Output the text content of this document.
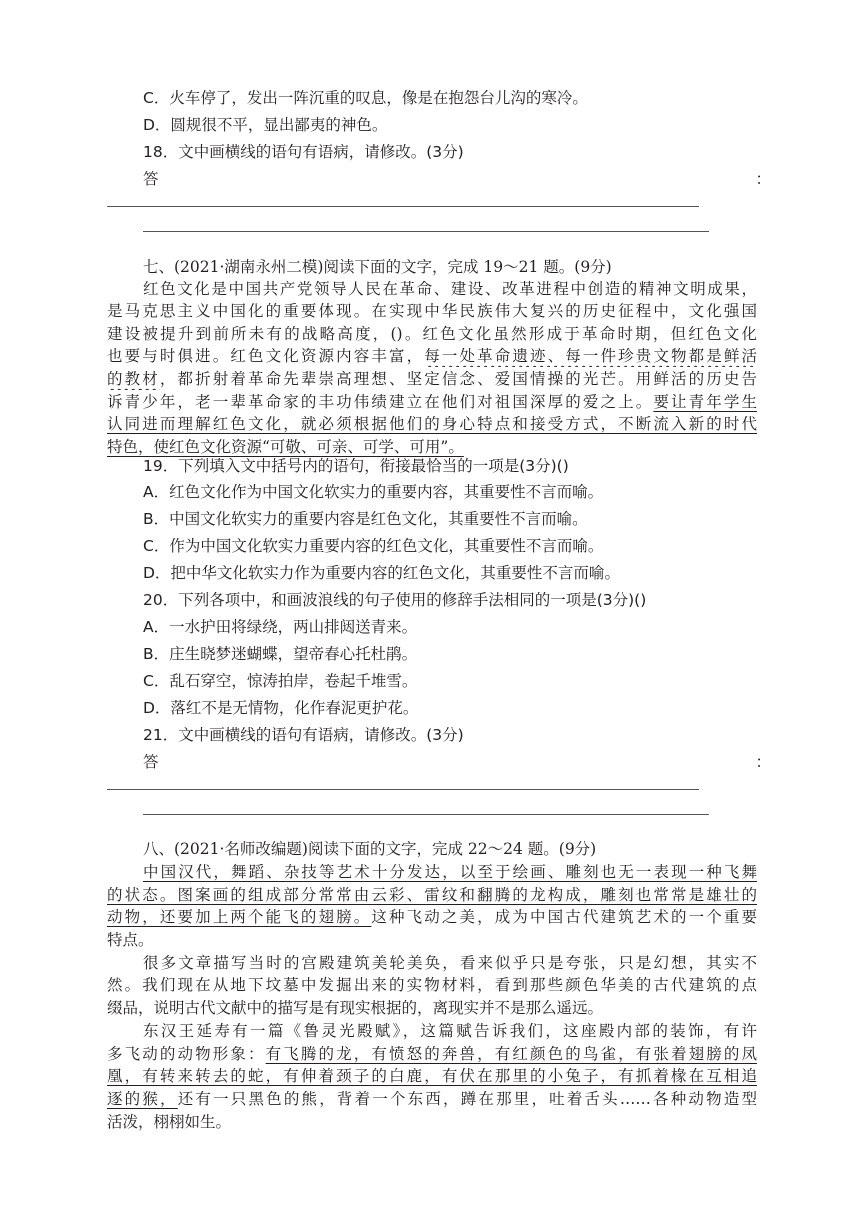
C．火车停了，发出一阵沉重的叹息，像是在抱怨台儿沟的寒冷。
D．圆规很不平，显出鄙夷的神色。
18．文中画横线的语句有语病，请修改。(3分)
答	：
七、(2021·湖南永州二模)阅读下面的文字，完成 19～21 题。(9分)
红色文化是中国共产党领导人民在革命、建设、改革进程中创造的精神文明成果，
是马克思主义中国化的重要体现。在实现中华民族伟大复兴的历史征程中，文化强国
建设被提升到前所未有的战略高度，()。红色文化虽然形成于革命时期，但红色文化
也要与时俱进。红色文化资源内容丰富，每一处革命遗迹、每一件珍贵文物都是鲜活
的教材，都折射着革命先辈崇高理想、坚定信念、爱国情操的光芒。用鲜活的历史告
诉青少年，老一辈革命家的丰功伟绩建立在他们对祖国深厚的爱之上。要让青年学生
认同进而理解红色文化，就必须根据他们的身心特点和接受方式，不断流入新的时代
特色，使红色文化资源“可敬、可亲、可学、可用”。
19．下列填入文中括号内的语句，衔接最恰当的一项是(3分)()
A．红色文化作为中国文化软实力的重要内容，其重要性不言而喻。
B．中国文化软实力的重要内容是红色文化，其重要性不言而喻。
C．作为中国文化软实力重要内容的红色文化，其重要性不言而喻。
D．把中华文化软实力作为重要内容的红色文化，其重要性不言而喻。
20．下列各项中，和画波浪线的句子使用的修辞手法相同的一项是(3分)()
A．一水护田将绿绕，两山排闼送青来。
B．庄生晓梦迷蝴蝶，望帝春心托杜鹃。
C．乱石穿空，惊涛拍岸，卷起千堆雪。
D．落红不是无情物，化作春泥更护花。
21．文中画横线的语句有语病，请修改。(3分)
答	：
八、(2021·名师改编题)阅读下面的文字，完成 22～24 题。(9分)
中国汉代，舞蹈、杂技等艺术十分发达，以至于绘画、雕刻也无一表现一种飞舞
的状态。图案画的组成部分常常由云彩、雷纹和翻腾的龙构成，雕刻也常常是雄壮的
动物，还要加上两个能飞的翅膀。这种飞动之美，成为中国古代建筑艺术的一个重要
特点。
很多文章描写当时的宫殿建筑美轮美奂，看来似乎只是夸张，只是幻想，其实不
然。我们现在从地下坟墓中发掘出来的实物材料，看到那些颜色华美的古代建筑的点
缀品，说明古代文献中的描写是有现实根据的，离现实并不是那么遥远。
东汉王延寿有一篇《鲁灵光殿赋》，这篇赋告诉我们，这座殿内部的装饰，有许
多飞动的动物形象：有飞腾的龙，有愤怒的奔兽，有红颜色的鸟雀，有张着翅膀的凤
凰，有转来转去的蛇，有伸着颈子的白鹿，有伏在那里的小兔子，有抓着椽在互相追
逐的猴，还有一只黑色的熊，背着一个东西，蹲在那里，吐着舌头……各种动物造型
活泼，栩栩如生。
